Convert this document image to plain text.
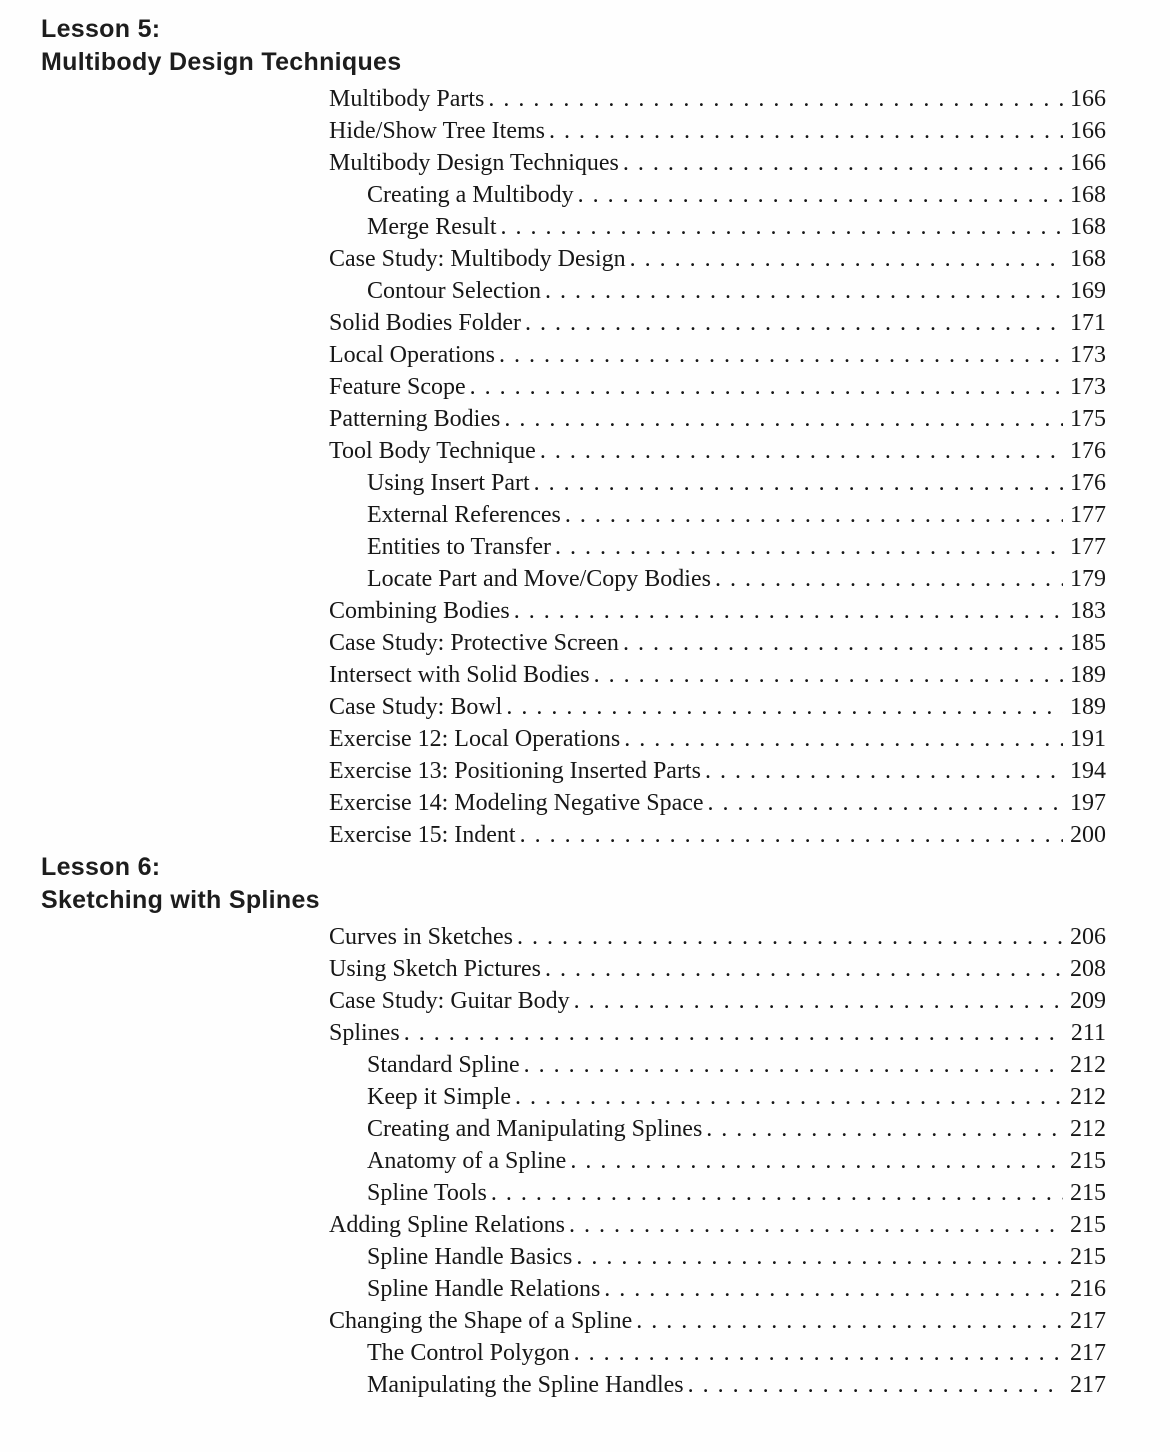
Lesson 5:
Multibody Design Techniques
Multibody Parts . . .	166
Hide/Show Tree Items . . .	166
Multibody Design Techniques . . .	166
Creating a Multibody . . .	168
Merge Result . . .	168
Case Study: Multibody Design . . .	168
Contour Selection . . .	169
Solid Bodies Folder . . .	171
Local Operations . . .	173
Feature Scope . . .	173
Patterning Bodies . . .	175
Tool Body Technique . . .	176
Using Insert Part . . .	176
External References . . .	177
Entities to Transfer . . .	177
Locate Part and Move/Copy Bodies . . .	179
Combining Bodies . . .	183
Case Study: Protective Screen . . .	185
Intersect with Solid Bodies . . .	189
Case Study: Bowl . . .	189
Exercise 12: Local Operations . . .	191
Exercise 13: Positioning Inserted Parts . . .	194
Exercise 14: Modeling Negative Space . . .	197
Exercise 15: Indent . . .	200
Lesson 6:
Sketching with Splines
Curves in Sketches . . .	206
Using Sketch Pictures . . .	208
Case Study: Guitar Body . . .	209
Splines . . .	211
Standard Spline . . .	212
Keep it Simple . . .	212
Creating and Manipulating Splines . . .	212
Anatomy of a Spline . . .	215
Spline Tools . . .	215
Adding Spline Relations . . .	215
Spline Handle Basics . . .	215
Spline Handle Relations . . .	216
Changing the Shape of a Spline . . .	217
The Control Polygon . . .	217
Manipulating the Spline Handles . . .	217
